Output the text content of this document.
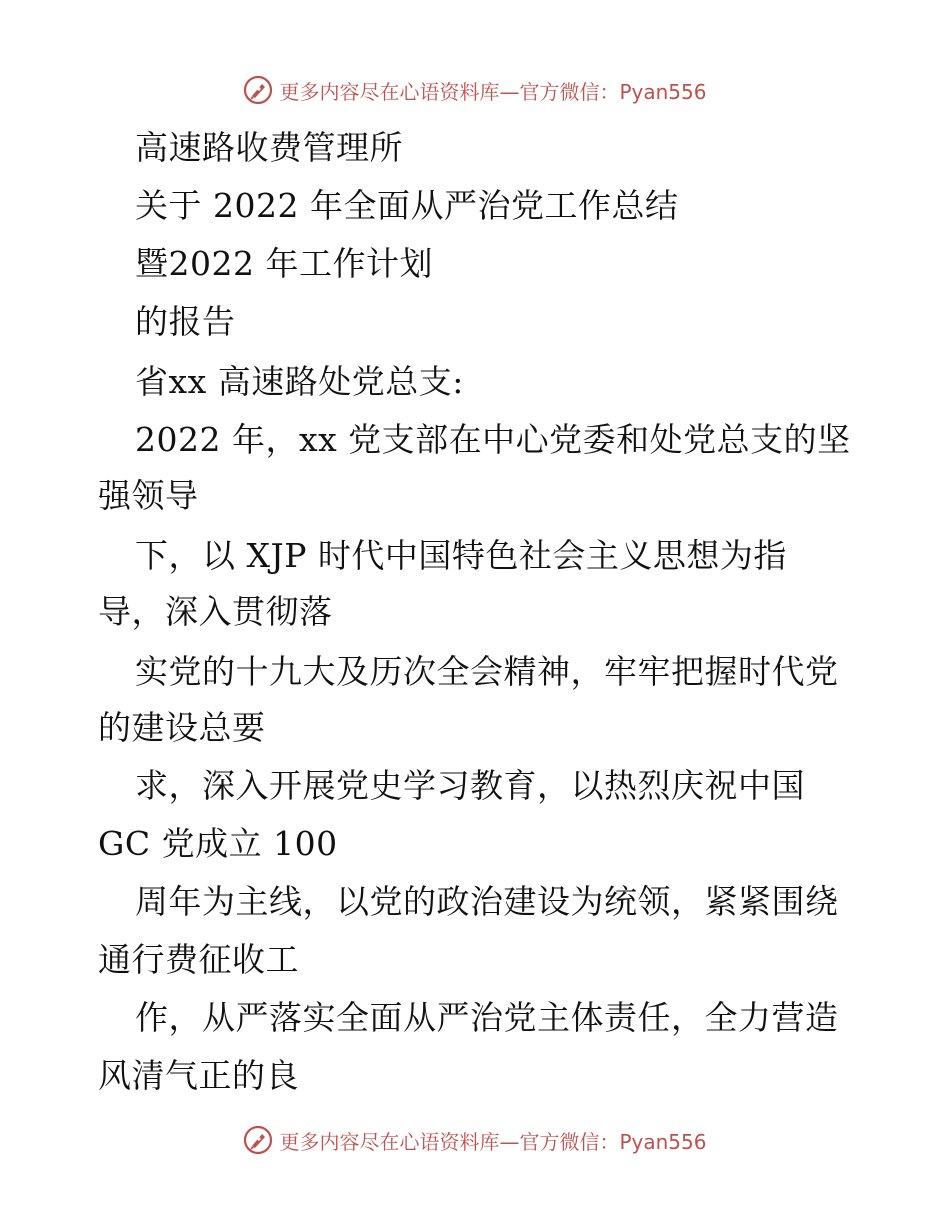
更多内容尽在心语资料库—官方微信：Pyan556
高速路收费管理所
关于 2022 年全面从严治党工作总结
暨2022 年工作计划
的报告
省xx 高速路处党总支:
2022 年，xx 党支部在中心党委和处党总支的坚
强领导
下，以 XJP 时代中国特色社会主义思想为指
导，深入贯彻落
实党的十九大及历次全会精神，牢牢把握时代党
的建设总要
求，深入开展党史学习教育，以热烈庆祝中国
GC 党成立 100
周年为主线，以党的政治建设为统领，紧紧围绕
通行费征收工
作，从严落实全面从严治党主体责任，全力营造
风清气正的良
更多内容尽在心语资料库—官方微信：Pyan556
